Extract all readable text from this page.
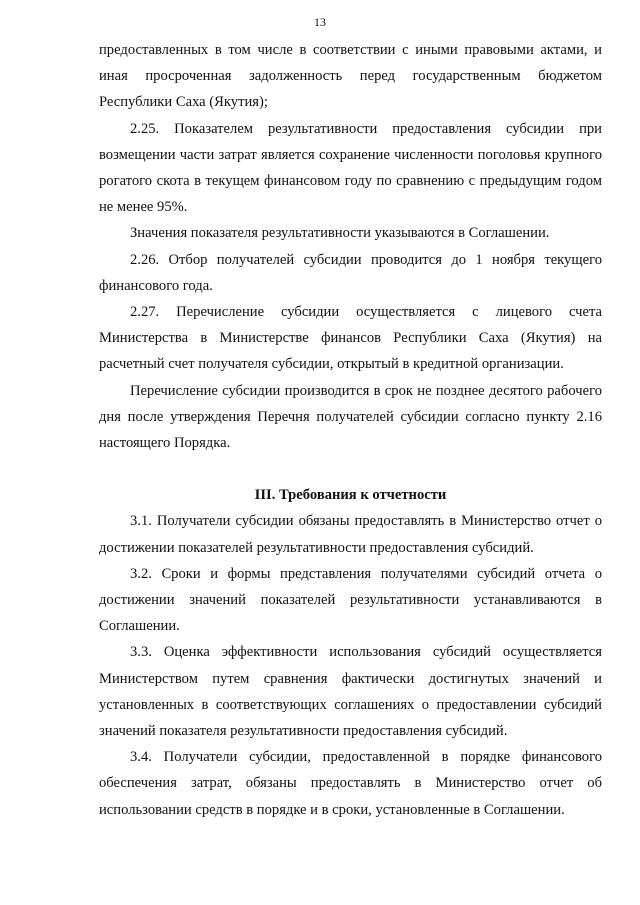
13

предоставленных в том числе в соответствии с иными правовыми актами, и иная просроченная задолженность перед государственным бюджетом Республики Саха (Якутия);

2.25. Показателем результативности предоставления субсидии при возмещении части затрат является сохранение численности поголовья крупного рогатого скота в текущем финансовом году по сравнению с предыдущим годом не менее 95%.

Значения показателя результативности указываются в Соглашении.

2.26. Отбор получателей субсидии проводится до 1 ноября текущего финансового года.

2.27. Перечисление субсидии осуществляется с лицевого счета Министерства в Министерстве финансов Республики Саха (Якутия) на расчетный счет получателя субсидии, открытый в кредитной организации.

Перечисление субсидии производится в срок не позднее десятого рабочего дня после утверждения Перечня получателей субсидии согласно пункту 2.16 настоящего Порядка.

III. Требования к отчетности

3.1. Получатели субсидии обязаны предоставлять в Министерство отчет о достижении показателей результативности предоставления субсидий.

3.2. Сроки и формы представления получателями субсидий отчета о достижении значений показателей результативности устанавливаются в Соглашении.

3.3. Оценка эффективности использования субсидий осуществляется Министерством путем сравнения фактически достигнутых значений и установленных в соответствующих соглашениях о предоставлении субсидий значений показателя результативности предоставления субсидий.

3.4. Получатели субсидии, предоставленной в порядке финансового обеспечения затрат, обязаны предоставлять в Министерство отчет об использовании средств в порядке и в сроки, установленные в Соглашении.
